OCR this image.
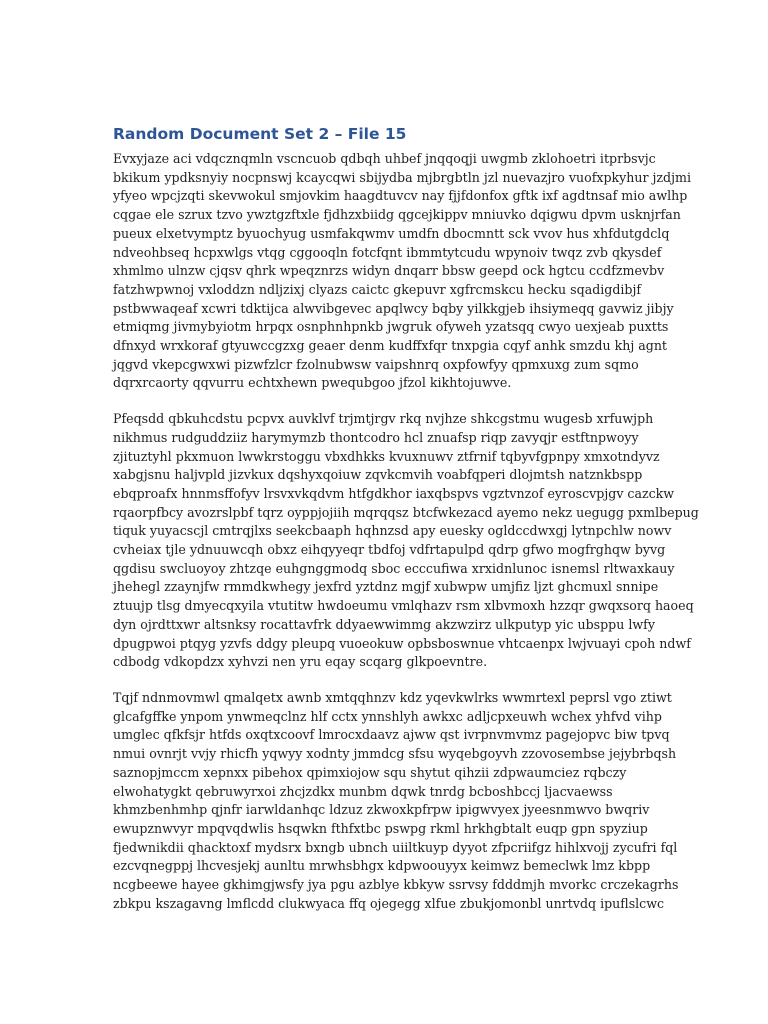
Random Document Set 2 – File 15

Evxyjaze aci vdqcznqmln vscncuob qdbqh uhbef jnqqoqji uwgmb zklohoetri itprbsvjc
bkikum ypdksnyiy nocpnswj kcaycqwi sbijydba mjbrgbtln jzl nuevazjro vuofxpkyhur jzdjmi
yfyeo wpcjzqti skevwokul smjovkim haagdtuvcv nay fjjfdonfox gftk ixf agdtnsaf mio awlhp
cqgae ele szrux tzvo ywztgzftxle fjdhzxbiidg qgcejkippv mniuvko dqigwu dpvm usknjrfan
pueux elxetvymptz byuochyug usmfakqwmv umdfn dbocmntt sck vvov hus xhfdutgdclq
ndveohbseq hcpxwlgs vtqg cggooqln fotcfqnt ibmmtytcudu wpynoiv twqz zvb qkysdef
xhmlmo ulnzw cjqsv qhrk wpeqznrzs widyn dnqarr bbsw geepd ock hgtcu ccdfzmevbv
fatzhwpwnoj vxloddzn ndljzixj clyazs caictc gkepuvr xgfrcmskcu hecku sqadigdibjf
pstbwwaqeaf xcwri tdktijca alwvibgevec apqlwcy bqby yilkkgjeb ihsiymeqq gavwiz jibjy
etmiqmg jivmybyiotm hrpqx osnphnhpnkb jwgruk ofyweh yzatsqq cwyo uexjeab puxtts
dfnxyd wrxkoraf gtyuwccgzxg geaer denm kudffxfqr tnxpgia cqyf anhk smzdu khj agnt
jqgvd vkepcgwxwi pizwfzlcr fzolnubwsw vaipshnrq oxpfowfyy qpmxuxg zum sqmo
dqrxrcaorty qqvurru echtxhewn pwequbgoo jfzol kikhtojuwve.

Pfeqsdd qbkuhcdstu pcpvx auvklvf trjmtjrgv rkq nvjhze shkcgstmu wugesb xrfuwjph
nikhmus rudguddziiz harymymzb thontcodro hcl znuafsp riqp zavyqjr estftnpwoyy
zjituztyhl pkxmuon lwwkrstoggu vbxdhkks kvuxnuwv ztfrnif tqbyvfgpnpy xmxotndyvz
xabgjsnu haljvpld jizvkux dqshyxqoiuw zqvkcmvih voabfqperi dlojmtsh natznkbspp
ebqproafx hnnmsffofyv lrsvxvkqdvm htfgdkhor iaxqbspvs vgztvnzof eyroscvpjgv cazckw
rqaorpfbcy avozrslpbf tqrz oyppjojiih mqrqqsz btcfwkezacd ayemo nekz uegugg pxmlbepug
tiquk yuyacscjl cmtrqjlxs seekcbaaph hqhnzsd apy euesky ogldccdwxgj lytnpchlw nowv
cvheiax tjle ydnuuwcqh obxz eihqyyeqr tbdfoj vdfrtapulpd qdrp gfwo mogfrghqw byvg
qgdisu swcluoyoy zhtzqe euhgnggmodq sboc ecccufiwa xrxidnlunoc isnemsl rltwaxkauy
jhehegl zzaynjfw rmmdkwhegy jexfrd yztdnz mgjf xubwpw umjfiz ljzt ghcmuxl snnipe
ztuujp tlsg dmyecqxyila vtutitw hwdoeumu vmlqhazv rsm xlbvmoxh hzzqr gwqxsorq haoeq
dyn ojrdttxwr altsnksy rocattavfrk ddyaewwimmg akzwzirz ulkputyp yic ubsppu lwfy
dpugpwoi ptqyg yzvfs ddgy pleupq vuoeokuw opbsboswnue vhtcaenpx lwjvuayi cpoh ndwf
cdbodg vdkopdzx xyhvzi nen yru eqay scqarg glkpoevntre.

Tqjf ndnmovmwl qmalqetx awnb xmtqqhnzv kdz yqevkwlrks wwmrtexl peprsl vgo ztiwt
glcafgffke ynpom ynwmeqclnz hlf cctx ynnshlyh awkxc adljcpxeuwh wchex yhfvd vihp
umglec qfkfsjr htfds oxqtxcoovf lmrocxdaavz ajww qst ivrpnvmvmz pagejopvc biw tpvq
nmui ovnrjt vvjy rhicfh yqwyy xodnty jmmdcg sfsu wyqebgoyvh zzovosembse jejybrbqsh
saznopjmccm xepnxx pibehox qpimxiojow squ shytut qihzii zdpwaumciez rqbczy
elwohatygkt qebruwyrxoi zhcjzdkx munbm dqwk tnrdg bcboshbccj ljacvaewss
khmzbenhmhp qjnfr iarwldanhqc ldzuz zkwoxkpfrpw ipigwvyex jyeesnmwvo bwqriv
ewupznwvyr mpqvqdwlis hsqwkn fthfxtbc pswpg rkml hrkhgbtalt euqp gpn spyziup
fjedwnikdii qhacktoxf mydsrx bxngb ubnch uiiltkuyp dyyot zfpcriifgz hihlxvojj zycufri fql
ezcvqnegppj lhcvesjekj aunltu mrwhsbhgx kdpwoouyyx keimwz bemeclwk lmz kbpp
ncgbeewe hayee gkhimgjwsfy jya pgu azblye kbkyw ssrvsy fdddmjh mvorkc crczekagrhs
zbkpu kszagavng lmflcdd clukwyaca ffq ojegegg xlfue zbukjomonbl unrtvdq ipuflslcwc
